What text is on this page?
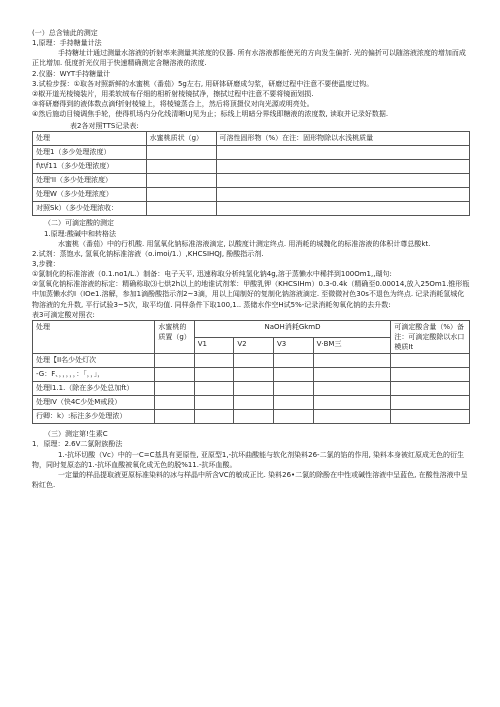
(一）总含铀此的测定

1,原理：手持糖量计法

手持糖址计通过测量水溶液的折射率来测量其浓度的仪器. 所有水溶液都能使光的方向发生偏折. 光的偏折可以随溶液浓度的增加而成正比增加. 低度折光仪用于快速精确测定含糖溶液的浓度.

2.仪器：WYT手持糖量计

3.试检步探：①取各对照新鲜的水蜜桃（番茄）5g左右, 用研钵研磨成匀浆，研磨过程中注意不要使温度过钩。

②椒开道光棱镜装片，用柔软绒布仔细的相析射棱镜拭净，擦拭过程中注意不要将镜面划损.

③将研磨得到的液体数点滴f折射棱镜上，将棱镜蒸合上，然后将顶摄仪对向光源或明亮处。

④然后施动目镜调焦手轮，使得机场内分化线清晰UJ见为止；标线上明暗分界线即糖液的浓度数, 读取并记录好数据.

表2各对照TTS记录表:

处理	水蜜桃质状（g）	可溶性固形物（%）在注：固形物除以水浅桃质量
处理1（多少处理浓度）		
f\t\f11（多少处理浓度）		
处理'II（多少处理浓度）		
处理W（多少处理浓度）		
对照Sk）（多少处理浓收：		

（二）可滴定酸的测定

1.原理:酸碱中和转格法

水蜜桃（番茄）中的行机酸. 用氢氧化钠标准溶液滴定, 以酸度计测定终点. 用消耗的城魏化的标准溶液的体积计尊总酸kt.

2.试剂：蒸饱水, 氢氧化钠标准溶液（o.imoi/1.）,KHCSIHQJ, 酚酸指示剂.

3,步骤：

①氯制化的标准溶液（0.1.no1/L.）制备：电子天平, 迅速称取分析纯氢化钠4g,溶于蒸懒水中稀拌到100Om1,,瑚句:

②氢氧化钠标准溶液的标定：精确称取⑶七烘2h以上的地谁试剂苯：甲酸乳钾（KHCSIHm）0.3-0.4k（精确至0.00014,放入25Om1.锥形瓶中加蒸懒水约I（IOe1.溶解，参加1滴酚酸指示剂2~3滴，用以上闻制好的复制化钠溶液滴定. 至微微衬色30s不退色为终点. 记录消耗氢城化物溶液的允升数, 平行试验3~5次，取平均值. 同样条件下取100,1.. 蒸储水作空H试5%-记录消耗匆氧化钠的去升数:

表3可滴定酸对照衣:

处理	水蜜桃的质置（g）	NaOH消耗GkmD				可滴定酸含量（%）备注：可滴定酸除以水口模质It
		V1	V2	V3	V·BM三	
处理【II名少处灯次						
-G：F、，，，，，：「，，」，						
处理l1.1.（除在多少处总加ft）						
处理IV（快4C少处M戒段）						
行卿：k）:标注多少处理浓）						

（三）测定第!生素C

1．原理：2.6V二氯附族酚法

1.-抗坏切酸（Vc）中的一C=C基具有更原性, 亚原型1,-抗坏曲酸能与软化剂染料26-二氯的馅的作用, 染料本身被红原成无色的衍生物，同时复原态的1.-抗坏血酸被氧化成无色的脱%11.-抗坏血酸。

一定量的样品提取液更原标准染料的冰与样晶中所含VC的敏成正比. 染料26•二氯的除酚在中性或碱性溶液中呈蓝色, 在酸性溶液中呈粉红色.
